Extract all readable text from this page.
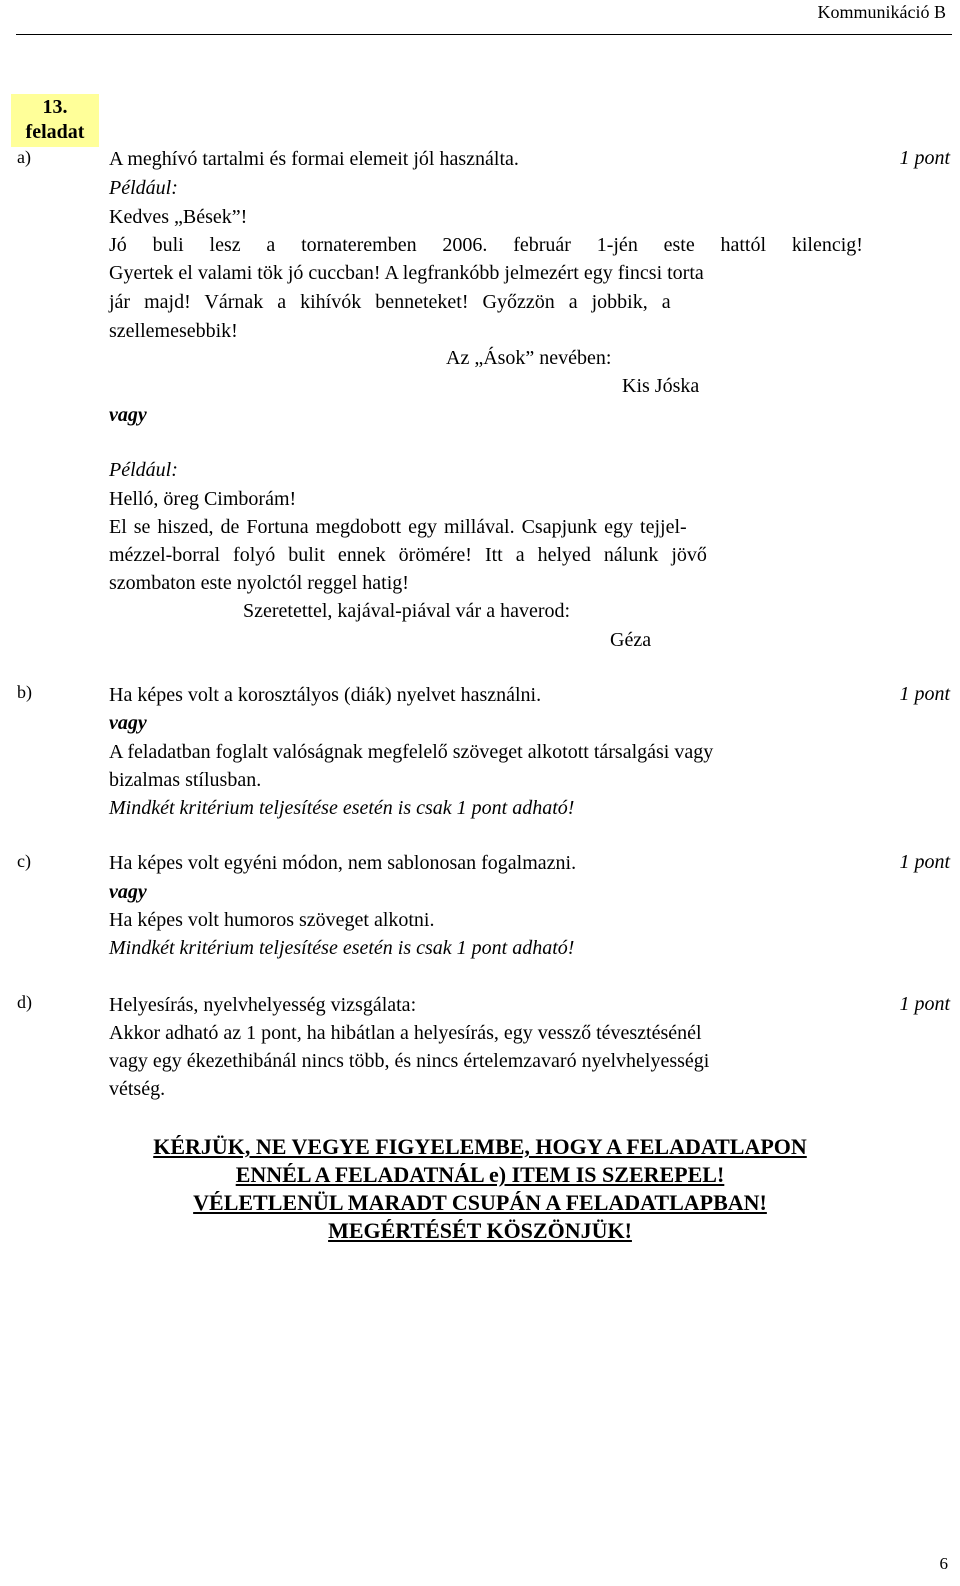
Kommunikáció B
13.
feladat
a)	1 pont
A meghívó tartalmi és formai elemeit jól használta.
Például:
Kedves „Bések”!
Jó buli lesz a tornateremben 2006. február 1-jén este hattól kilencig!
Gyertek el valami tök jó cuccban! A legfrankóbb jelmezért egy fincsi torta
jár majd! Várnak a kihívók benneteket! Győzzön a jobbik, a
szellemesebbik!
Az „Ások” nevében:
Kis Jóska
vagy
Például:
Helló, öreg Cimborám!
El se hiszed, de Fortuna megdobott egy millával. Csapjunk egy tejjel-
mézzel-borral folyó bulit ennek örömére! Itt a helyed nálunk jövő
szombaton este nyolctól reggel hatig!
Szeretettel, kajával-piával vár a haverod:
Géza
b)	1 pont
Ha képes volt a korosztályos (diák) nyelvet használni.
vagy
A feladatban foglalt valóságnak megfelelő szöveget alkotott társalgási vagy
bizalmas stílusban.
Mindkét kritérium teljesítése esetén is csak 1 pont adható!
c)	1 pont
Ha képes volt egyéni módon, nem sablonosan fogalmazni.
vagy
Ha képes volt humoros szöveget alkotni.
Mindkét kritérium teljesítése esetén is csak 1 pont adható!
d)	1 pont
Helyesírás, nyelvhelyesség vizsgálata:
Akkor adható az 1 pont, ha hibátlan a helyesírás, egy vessző tévesztésénél
vagy egy ékezethibánál nincs több, és nincs értelemzavaró nyelvhelyességi
vétség.
KÉRJÜK, NE VEGYE FIGYELEMBE, HOGY A FELADATLAPON
ENNÉL A FELADATNÁL e) ITEM IS SZEREPEL!
VÉLETLENÜL MARADT CSUPÁN A FELADATLAPBAN!
MEGÉRTÉSÉT KÖSZÖNJÜK!
6
